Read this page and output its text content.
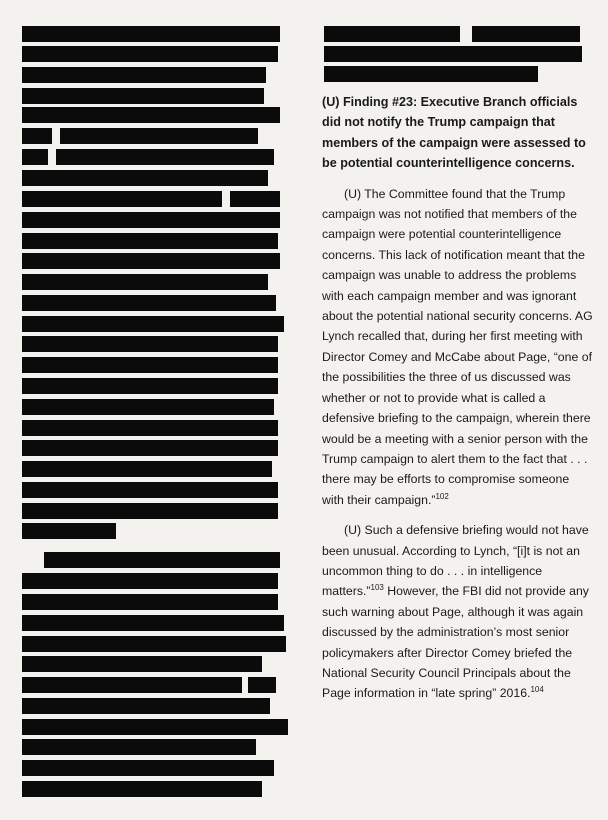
(U) Finding #23: Executive Branch officials did not notify the Trump campaign that members of the campaign were assessed to be potential counterintelligence concerns.

(U) The Committee found that the Trump campaign was not notified that members of the campaign were potential counterintelligence concerns. This lack of notification meant that the campaign was unable to address the problems with each campaign member and was ignorant about the potential national security concerns. AG Lynch recalled that, during her first meeting with Director Comey and McCabe about Page, “one of the possibilities the three of us discussed was whether or not to provide what is called a defensive briefing to the campaign, wherein there would be a meeting with a senior person with the Trump campaign to alert them to the fact that . . . there may be efforts to compromise someone with their campaign.”$^{102}$

(U) Such a defensive briefing would not have been unusual. According to Lynch, “[i]t is not an uncommon thing to do . . . in intelligence matters.”$^{103}$ However, the FBI did not provide any such warning about Page, although it was again discussed by the administration’s most senior policymakers after Director Comey briefed the National Security Council Principals about the Page information in “late spring” 2016.$^{104}$
